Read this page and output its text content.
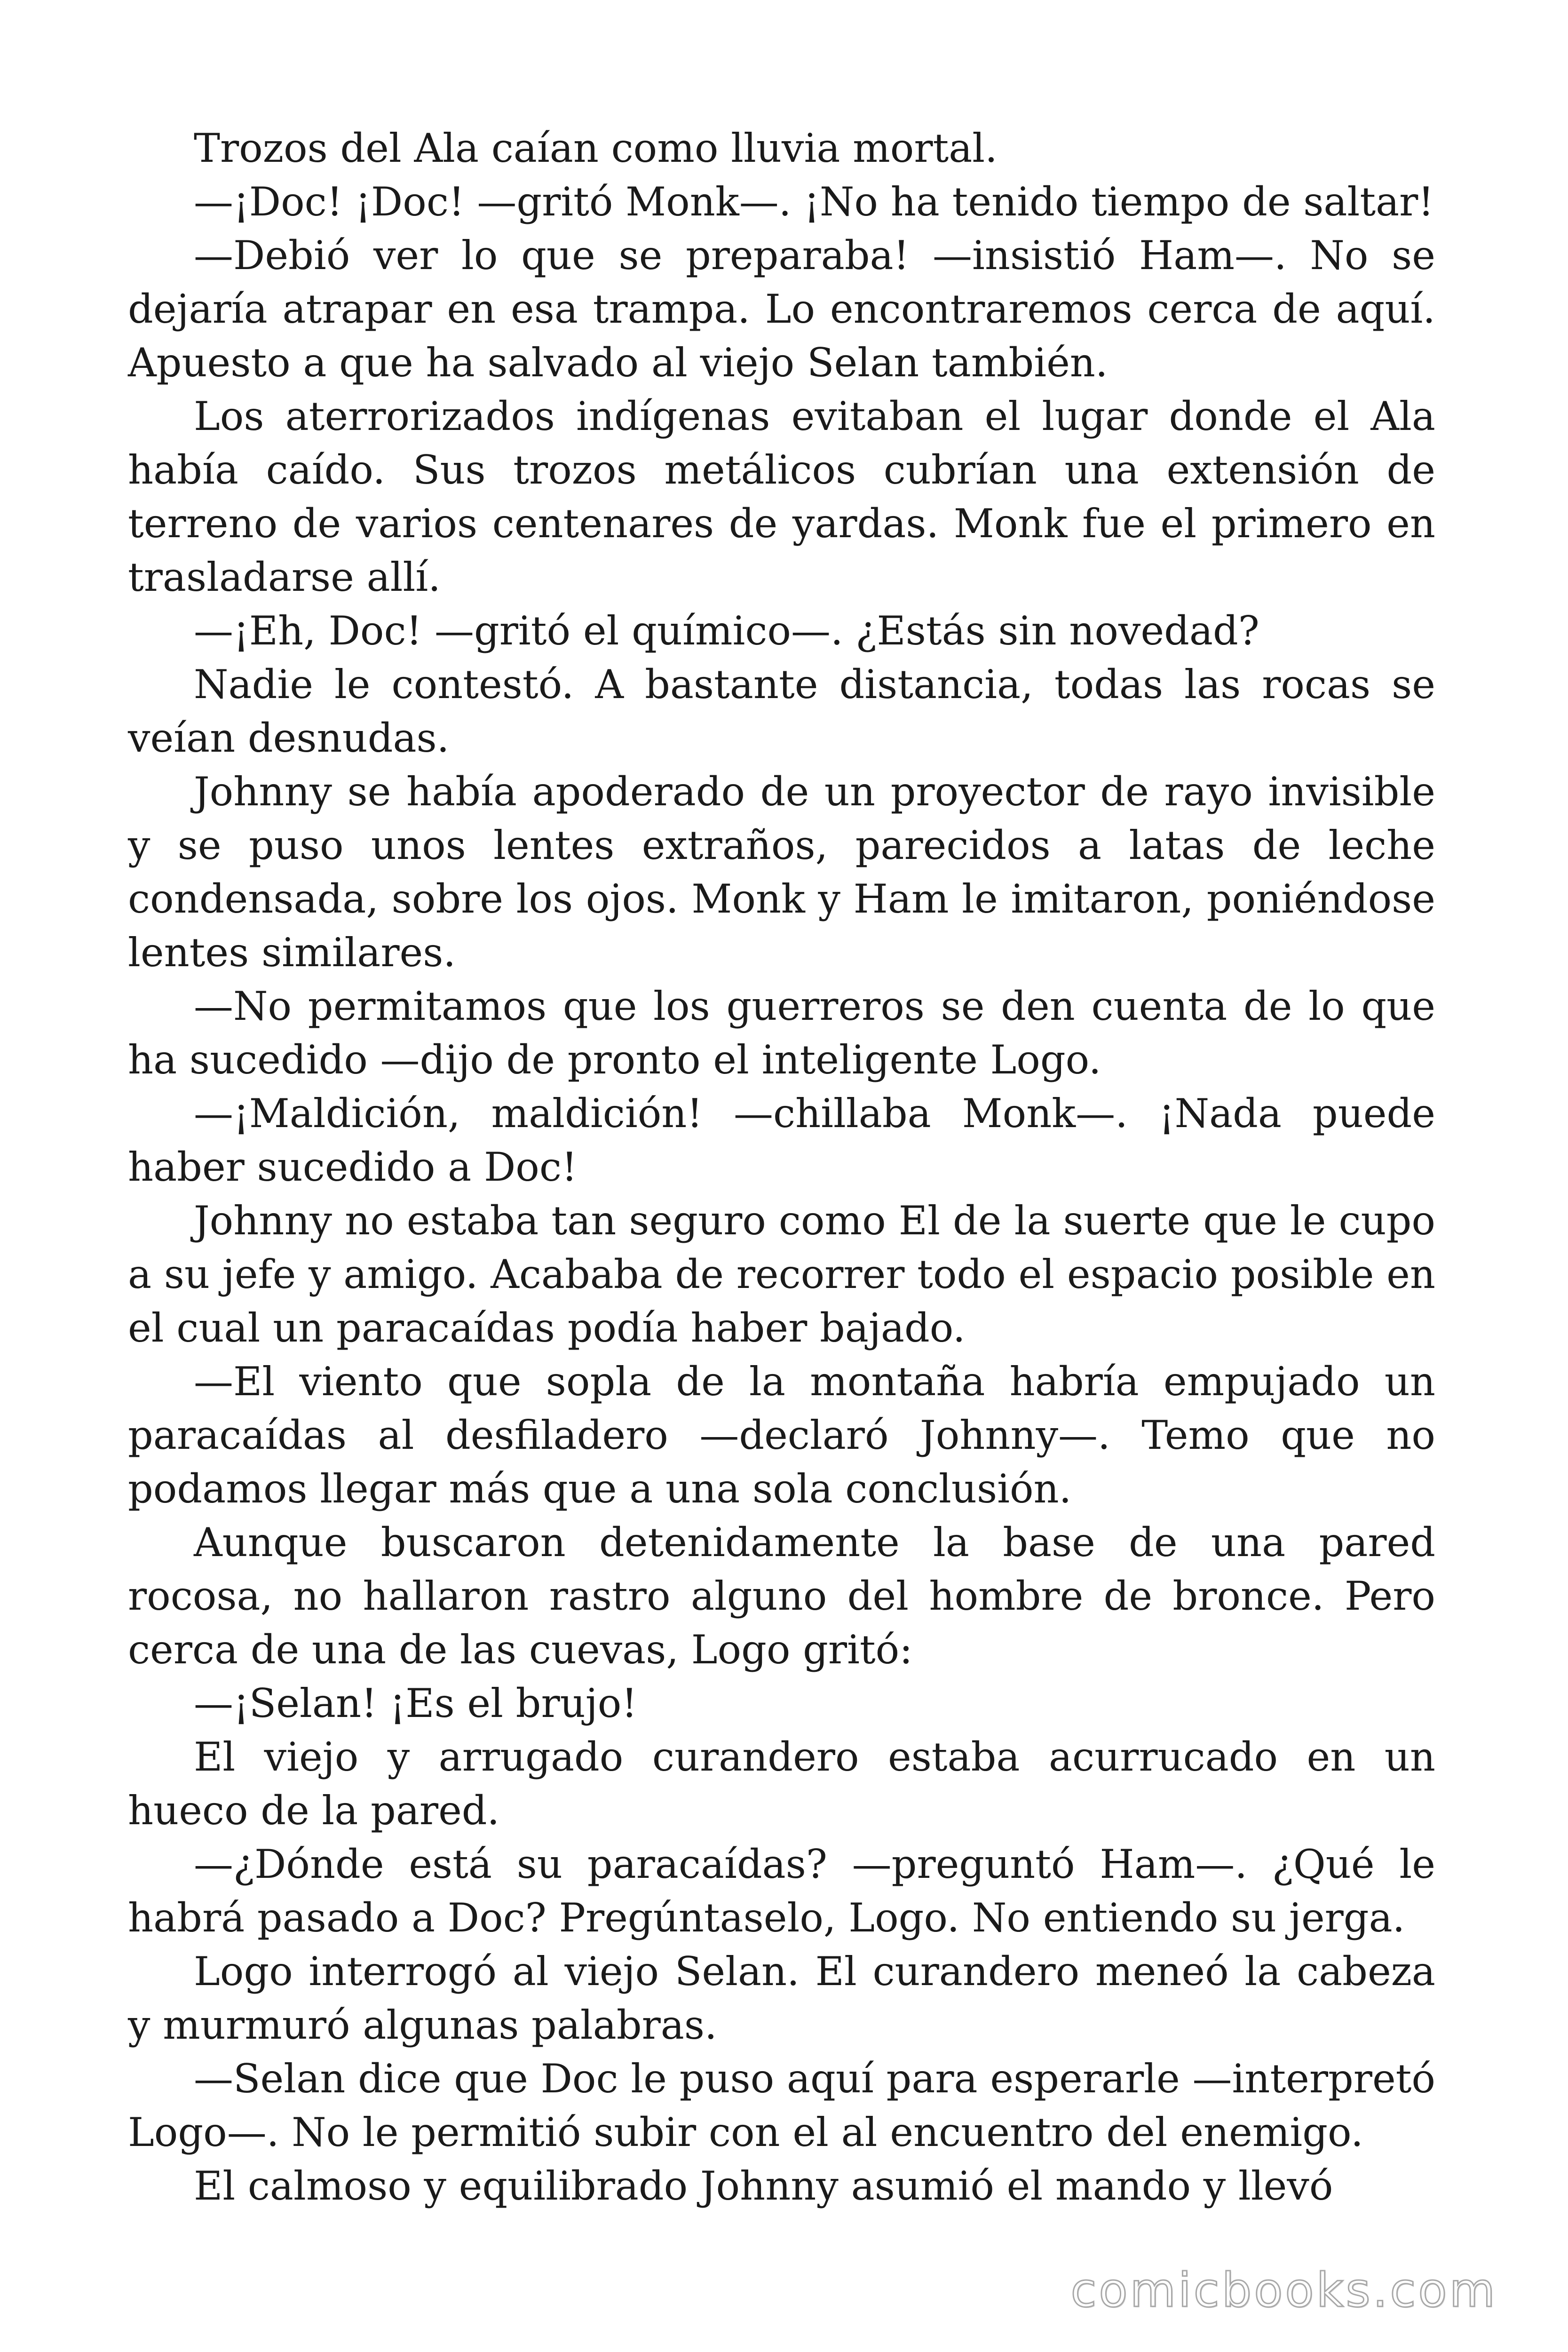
Trozos del Ala caían como lluvia mortal.

—¡Doc! ¡Doc! —gritó Monk—. ¡No ha tenido tiempo de saltar!

—Debió ver lo que se preparaba! —insistió Ham—. No se dejaría atrapar en esa trampa. Lo encontraremos cerca de aquí. Apuesto a que ha salvado al viejo Selan también.

Los aterrorizados indígenas evitaban el lugar donde el Ala había caído. Sus trozos metálicos cubrían una extensión de terreno de varios centenares de yardas. Monk fue el primero en trasladarse allí.

—¡Eh, Doc! —gritó el químico—. ¿Estás sin novedad?

Nadie le contestó. A bastante distancia, todas las rocas se veían desnudas.

Johnny se había apoderado de un proyector de rayo invisible y se puso unos lentes extraños, parecidos a latas de leche condensada, sobre los ojos. Monk y Ham le imitaron, poniéndose lentes similares.

—No permitamos que los guerreros se den cuenta de lo que ha sucedido —dijo de pronto el inteligente Logo.

—¡Maldición, maldición! —chillaba Monk—. ¡Nada puede haber sucedido a Doc!

Johnny no estaba tan seguro como El de la suerte que le cupo a su jefe y amigo. Acababa de recorrer todo el espacio posible en el cual un paracaídas podía haber bajado.

—El viento que sopla de la montaña habría empujado un paracaídas al desfiladero —declaró Johnny—. Temo que no podamos llegar más que a una sola conclusión.

Aunque buscaron detenidamente la base de una pared rocosa, no hallaron rastro alguno del hombre de bronce. Pero cerca de una de las cuevas, Logo gritó:

—¡Selan! ¡Es el brujo!

El viejo y arrugado curandero estaba acurrucado en un hueco de la pared.

—¿Dónde está su paracaídas? —preguntó Ham—. ¿Qué le habrá pasado a Doc? Pregúntaselo, Logo. No entiendo su jerga.

Logo interrogó al viejo Selan. El curandero meneó la cabeza y murmuró algunas palabras.

—Selan dice que Doc le puso aquí para esperarle —interpretó Logo—. No le permitió subir con el al encuentro del enemigo.

El calmoso y equilibrado Johnny asumió el mando y llevó

comicbooks.com
